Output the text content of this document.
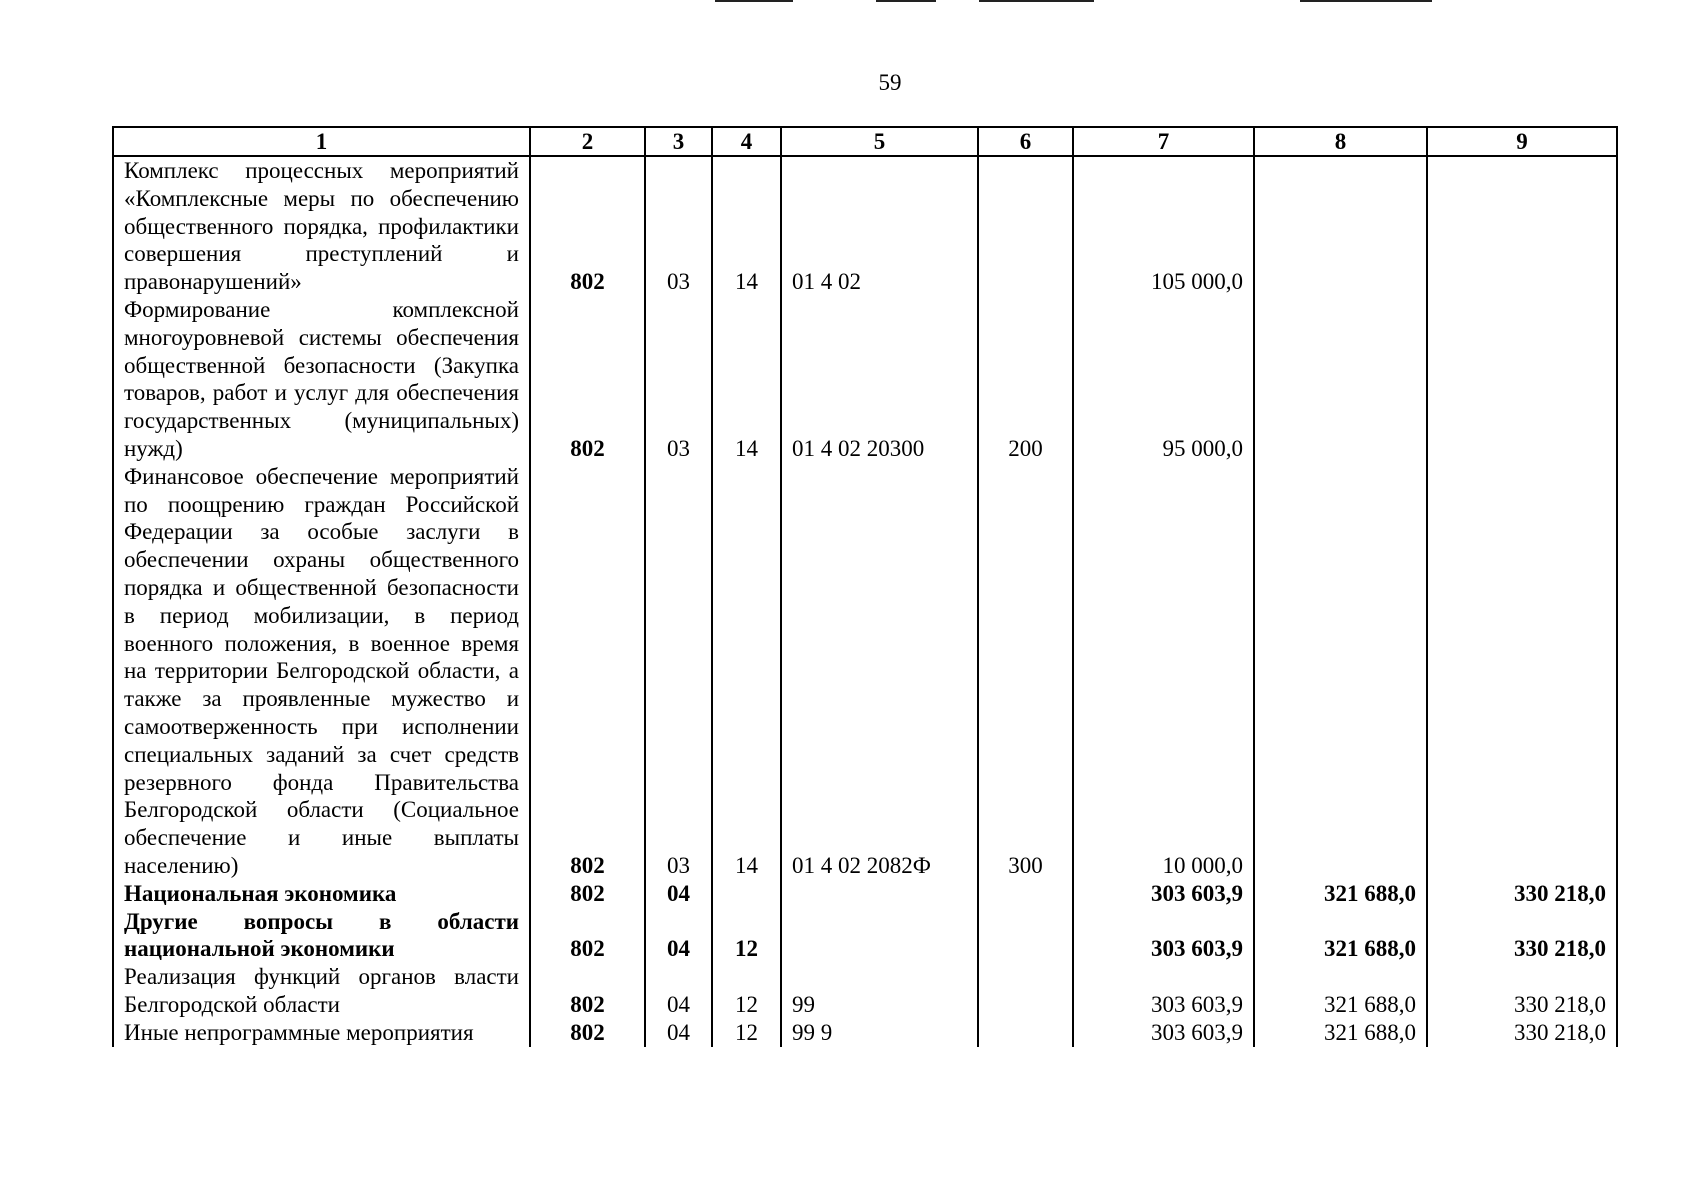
59
1	2	3	4	5	6	7	8	9
Комплекс процессных мероприятий «Комплексные меры по обеспечению общественного порядка, профилактики совершения преступлений и правонарушений»	802	03	14	01 4 02		105 000,0		
Формирование комплексной многоуровневой системы обеспечения общественной безопасности (Закупка товаров, работ и услуг для обеспечения государственных (муниципальных) нужд)	802	03	14	01 4 02 20300	200	95 000,0		
Финансовое обеспечение мероприятий по поощрению граждан Российской Федерации за особые заслуги в обеспечении охраны общественного порядка и общественной безопасности в период мобилизации, в период военного положения, в военное время на территории Белгородской области, а также за проявленные мужество и самоотверженность при исполнении специальных заданий за счет средств резервного фонда Правительства Белгородской области (Социальное обеспечение и иные выплаты населению)	802	03	14	01 4 02 2082Ф	300	10 000,0		
Национальная экономика	802	04				303 603,9	321 688,0	330 218,0
Другие вопросы в области национальной экономики	802	04	12			303 603,9	321 688,0	330 218,0
Реализация функций органов власти Белгородской области	802	04	12	99		303 603,9	321 688,0	330 218,0
Иные непрограммные мероприятия	802	04	12	99 9		303 603,9	321 688,0	330 218,0
